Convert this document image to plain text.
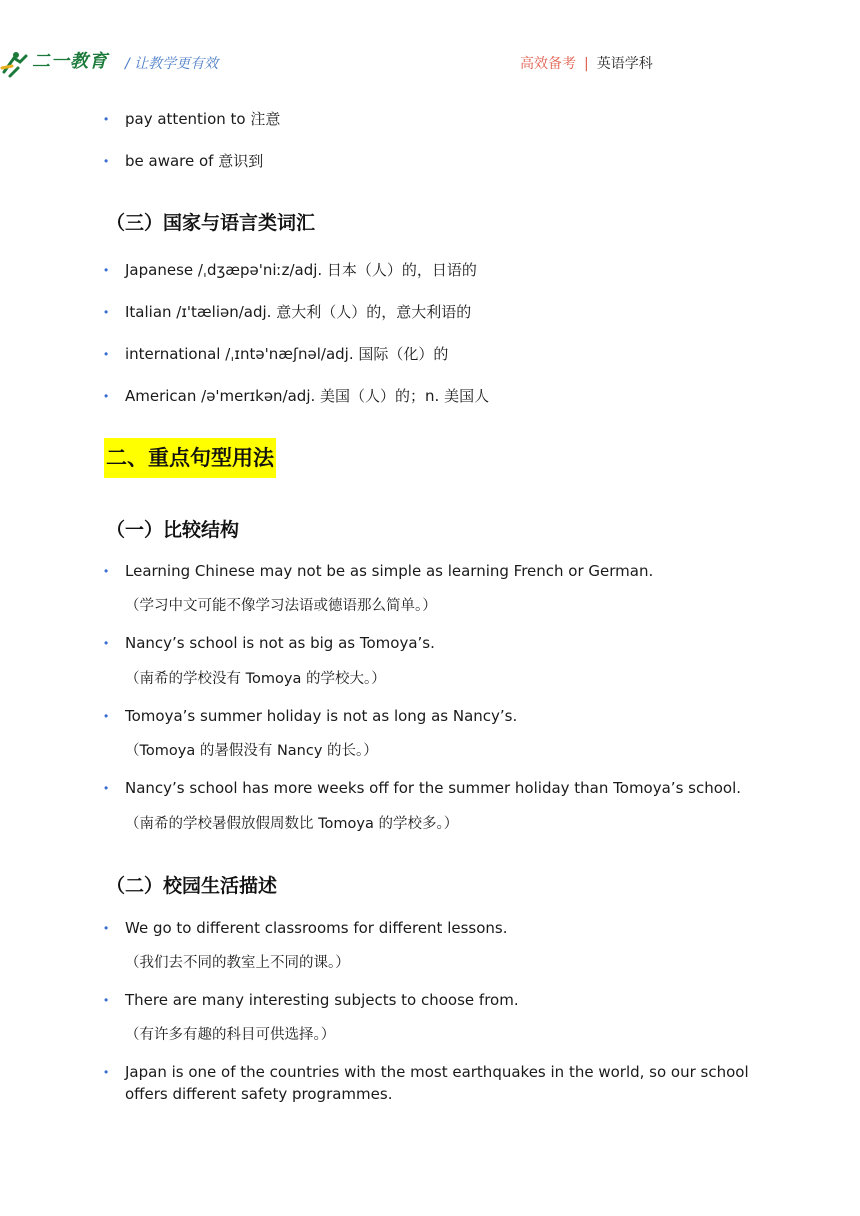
二一教育 / 让教学更有效	高效备考 | 英语学科
• pay attention to 注意
• be aware of 意识到
（三）国家与语言类词汇
• Japanese /ˌdʒæpə'niːz/adj. 日本（人）的，日语的
• Italian /ɪ'tæliən/adj. 意大利（人）的，意大利语的
• international /ˌɪntə'næʃnəl/adj. 国际（化）的
• American /ə'merɪkən/adj. 美国（人）的；n. 美国人
二、重点句型用法
（一）比较结构
• Learning Chinese may not be as simple as learning French or German.
（学习中文可能不像学习法语或德语那么简单。）
• Nancy’s school is not as big as Tomoya’s.
（南希的学校没有 Tomoya 的学校大。）
• Tomoya’s summer holiday is not as long as Nancy’s.
（Tomoya 的暑假没有 Nancy 的长。）
• Nancy’s school has more weeks off for the summer holiday than Tomoya’s school.
（南希的学校暑假放假周数比 Tomoya 的学校多。）
（二）校园生活描述
• We go to different classrooms for different lessons.
（我们去不同的教室上不同的课。）
• There are many interesting subjects to choose from.
（有许多有趣的科目可供选择。）
• Japan is one of the countries with the most earthquakes in the world, so our school offers different safety programmes.
